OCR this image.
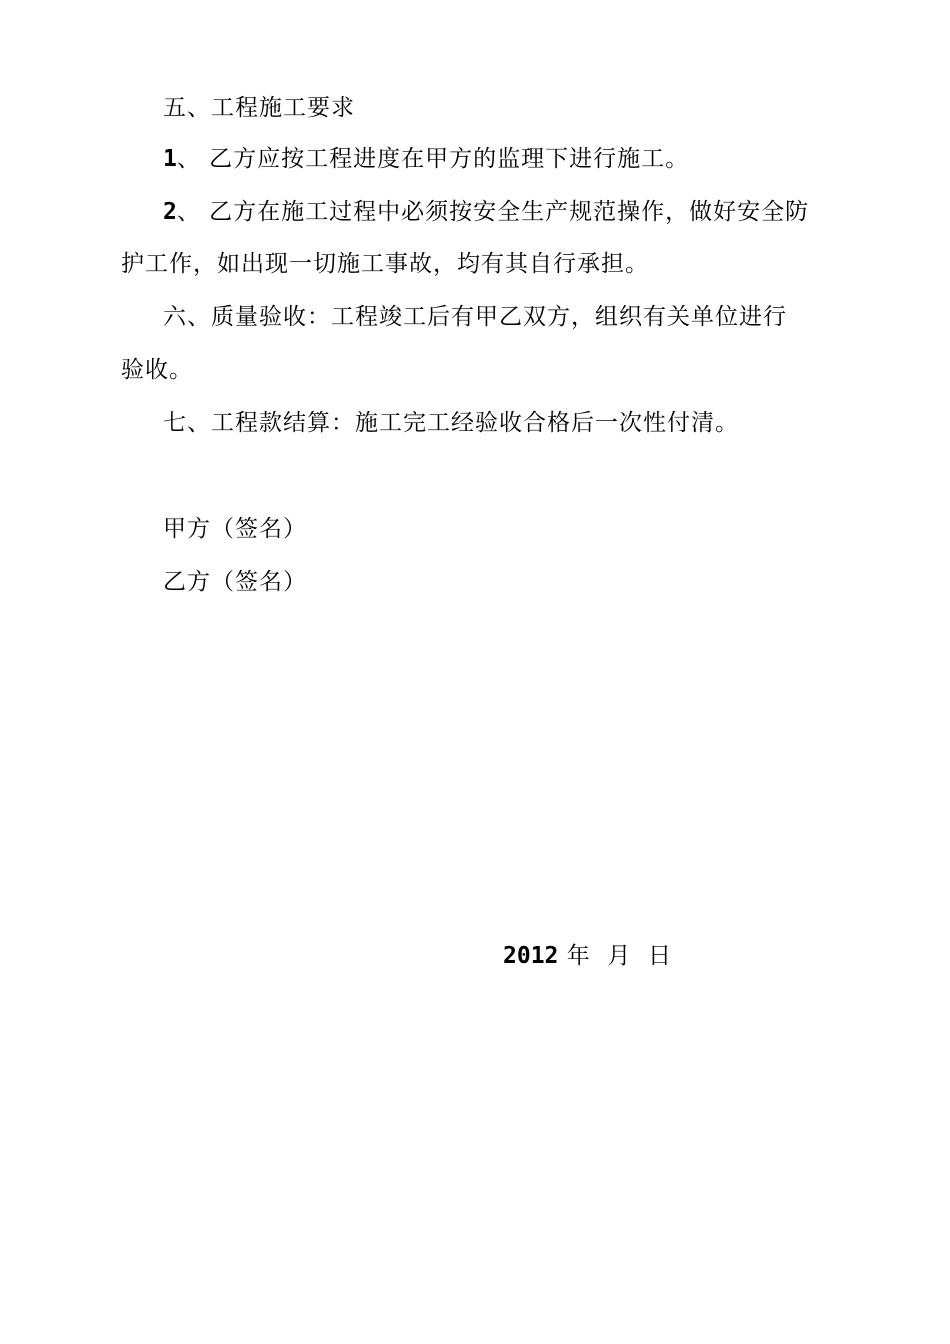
五、工程施工要求
1、 乙方应按工程进度在甲方的监理下进行施工。
2、 乙方在施工过程中必须按安全生产规范操作，做好安全防
护工作，如出现一切施工事故，均有其自行承担。
六、质量验收：工程竣工后有甲乙双方，组织有关单位进行
验收。
七、工程款结算：施工完工经验收合格后一次性付清。
甲方（签名）
乙方（签名）
2012 年  月  日
